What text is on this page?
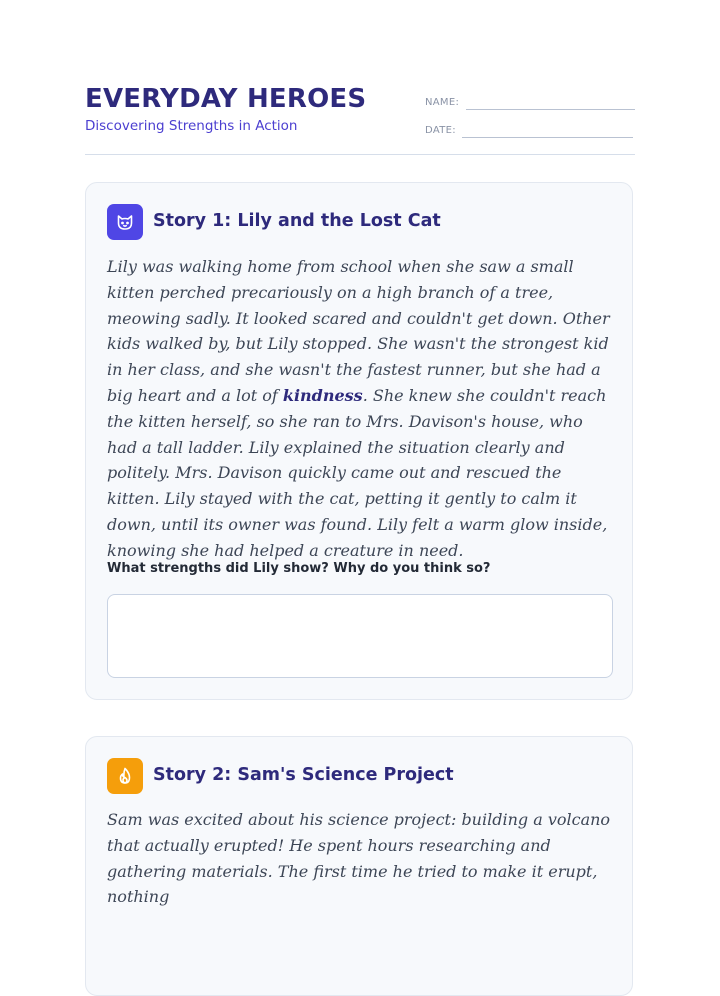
EVERYDAY HEROES
Discovering Strengths in Action
NAME:
DATE:
Story 1: Lily and the Lost Cat

Lily was walking home from school when she saw a small kitten perched precariously on a high branch of a tree, meowing sadly. It looked scared and couldn't get down. Other kids walked by, but Lily stopped. She wasn't the strongest kid in her class, and she wasn't the fastest runner, but she had a big heart and a lot of kindness. She knew she couldn't reach the kitten herself, so she ran to Mrs. Davison's house, who had a tall ladder. Lily explained the situation clearly and politely. Mrs. Davison quickly came out and rescued the kitten. Lily stayed with the cat, petting it gently to calm it down, until its owner was found. Lily felt a warm glow inside, knowing she had helped a creature in need.

What strengths did Lily show? Why do you think so?
Story 2: Sam's Science Project

Sam was excited about his science project: building a volcano that actually erupted! He spent hours researching and gathering materials. The first time he tried to make it erupt, nothing
